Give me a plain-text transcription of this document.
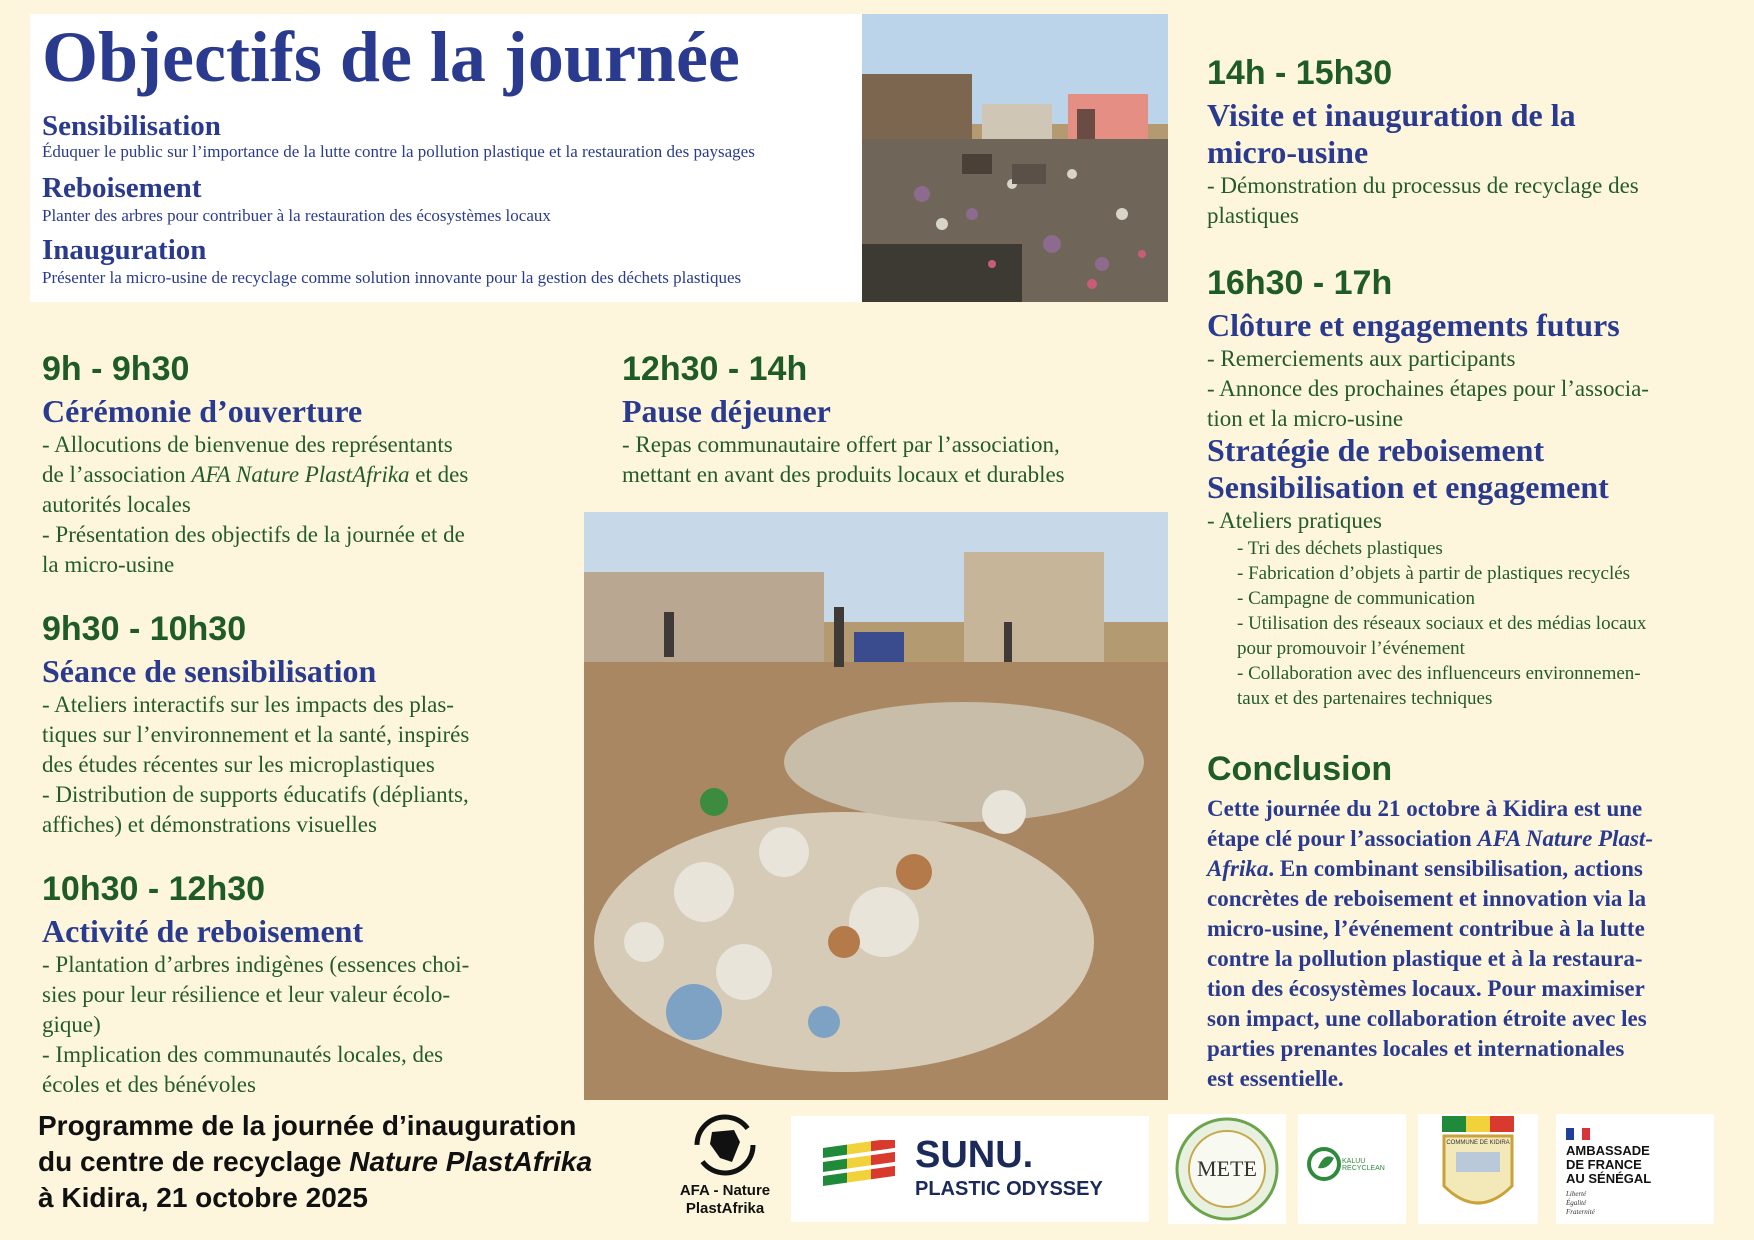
Objectifs de la journée
Sensibilisation
Éduquer le public sur l’importance de la lutte contre la pollution plastique et la restauration des paysages
Reboisement
Planter des arbres pour contribuer à la restauration des écosystèmes locaux
Inauguration
Présenter la micro-usine de recyclage comme solution innovante pour la gestion des déchets plastiques
9h - 9h30
Cérémonie d’ouverture
- Allocutions de bienvenue des représentants
de l’association AFA Nature PlastAfrika et des
autorités locales
- Présentation des objectifs de la journée et de
la micro-usine
9h30 - 10h30
Séance de sensibilisation
- Ateliers interactifs sur les impacts des plas-
tiques sur l’environnement et la santé, inspirés
des études récentes sur les microplastiques
- Distribution de supports éducatifs (dépliants,
affiches) et démonstrations visuelles
10h30 - 12h30
Activité de reboisement
- Plantation d’arbres indigènes (essences choi-
sies pour leur résilience et leur valeur écolo-
gique)
- Implication des communautés locales, des
écoles et des bénévoles
12h30 - 14h
Pause déjeuner
- Repas communautaire offert par l’association,
mettant en avant des produits locaux et durables
14h - 15h30
Visite et inauguration de la
micro-usine
- Démonstration du processus de recyclage des
plastiques
16h30 - 17h
Clôture et engagements futurs
- Remerciements aux participants
- Annonce des prochaines étapes pour l’associa-
tion et la micro-usine
Stratégie de reboisement
Sensibilisation et engagement
- Ateliers pratiques
- Tri des déchets plastiques
- Fabrication d’objets à partir de plastiques recyclés
- Campagne de communication
- Utilisation des réseaux sociaux et des médias locaux
pour promouvoir l’événement
- Collaboration avec des influenceurs environnemen-
taux et des partenaires techniques
Conclusion
Cette journée du 21 octobre à Kidira est une
étape clé pour l’association AFA Nature Plast-
Afrika. En combinant sensibilisation, actions
concrètes de reboisement et innovation via la
micro-usine, l’événement contribue à la lutte
contre la pollution plastique et à la restaura-
tion des écosystèmes locaux. Pour maximiser
son impact, une collaboration étroite avec les
parties prenantes locales et internationales
est essentielle.
Programme de la journée d’inauguration
du centre de recyclage Nature PlastAfrika
à Kidira, 21 octobre 2025	AFA - Nature
PlastAfrika
SUNU.
PLASTIC ODYSSEY
METE	KALUU RECYCLEAN
COMMUNE DE KIDIRA	AMBASSADE
DE FRANCE
AU SÉNÉGAL
Liberté
Égalité
Fraternité
